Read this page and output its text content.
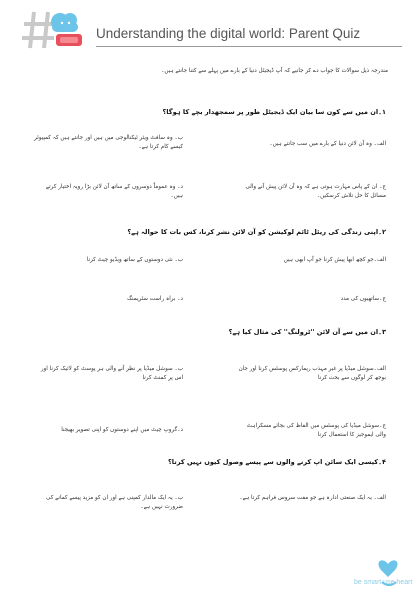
Understanding the digital world: Parent Quiz
مندرجہ ذیل سوالات کا جواب دے کر جانیے کہ آپ ڈیجیٹل دنیا کے بارے میں پہلے سے کتنا جانتے ہیں۔
۱۔ان میں سے کون سا بیان ایک ڈیجیٹل طور پر سمجھدار بچے کا ہوگا؟
الف۔ وہ آن لائن دنیا کے بارے میں سب جانتے ہیں۔
ب۔ وہ سافٹ ویئر ٹیکنالوجی میں ہیں اور جانتے ہیں کہ کمپیوٹر کیسے کام کرتا ہے۔
ج۔ ان کے پاس مہارت ہوتی ہے کہ وہ آن لائن پیش آنے والی مسائل کا حل تلاش کرسکیں۔
د۔ وہ عموماً دوسروں کے ساتھ آن لائن بڑا رویہ اختیار کرتے ہیں۔
۲۔اپنی زندگی کی ریئل ٹائم لوکیشن کو آن لائن نشر کرنا، کس بات کا حوالہ ہے؟
الف۔جو کچھ ابھا پیش کرنا جو آپ ابھی ہیں
ب۔ نئی دوستوں کے ساتھ ویڈیو چیٹ کرنا
ج۔ساتھیوں کی مدد
د۔ براہ راست سٹریمنگ
۳۔ان میں سے آن لائن ''ٹرولنگ'' کی مثال کیا ہے؟
الف۔سوشل میڈیا پر غیر مہذب ریمارکس پوسٹس کرنا اور جان بوجھ کر لوگوں سے بحث کرنا
ب۔ سوشل میڈیا پر نظر آنے والی ہر پوسٹ کو لائیک کرنا اور اس پر کمنٹ کرنا
ج۔سوشل میڈیا کی پوسٹس میں الفاظ کی بجائے مسکراہٹ والی ایموجیز کا استعمال کرنا
د۔گروپ چیٹ میں اپنے دوستوں کو اپنی تصویر بھیجنا
۴۔کیسی ایک سائن اپ کرنے والوں سے پیسے وصول کیوں نہیں کرتا؟
الف۔ یہ ایک صنعتی ادارہ ہے جو مفت سروس فراہم کرتا ہے۔
ب۔ یہ ایک مالدار کمپنی ہے اور ان کو مزید پیسے کمانے کی ضرورت نہیں ہے۔
be smart use heart
